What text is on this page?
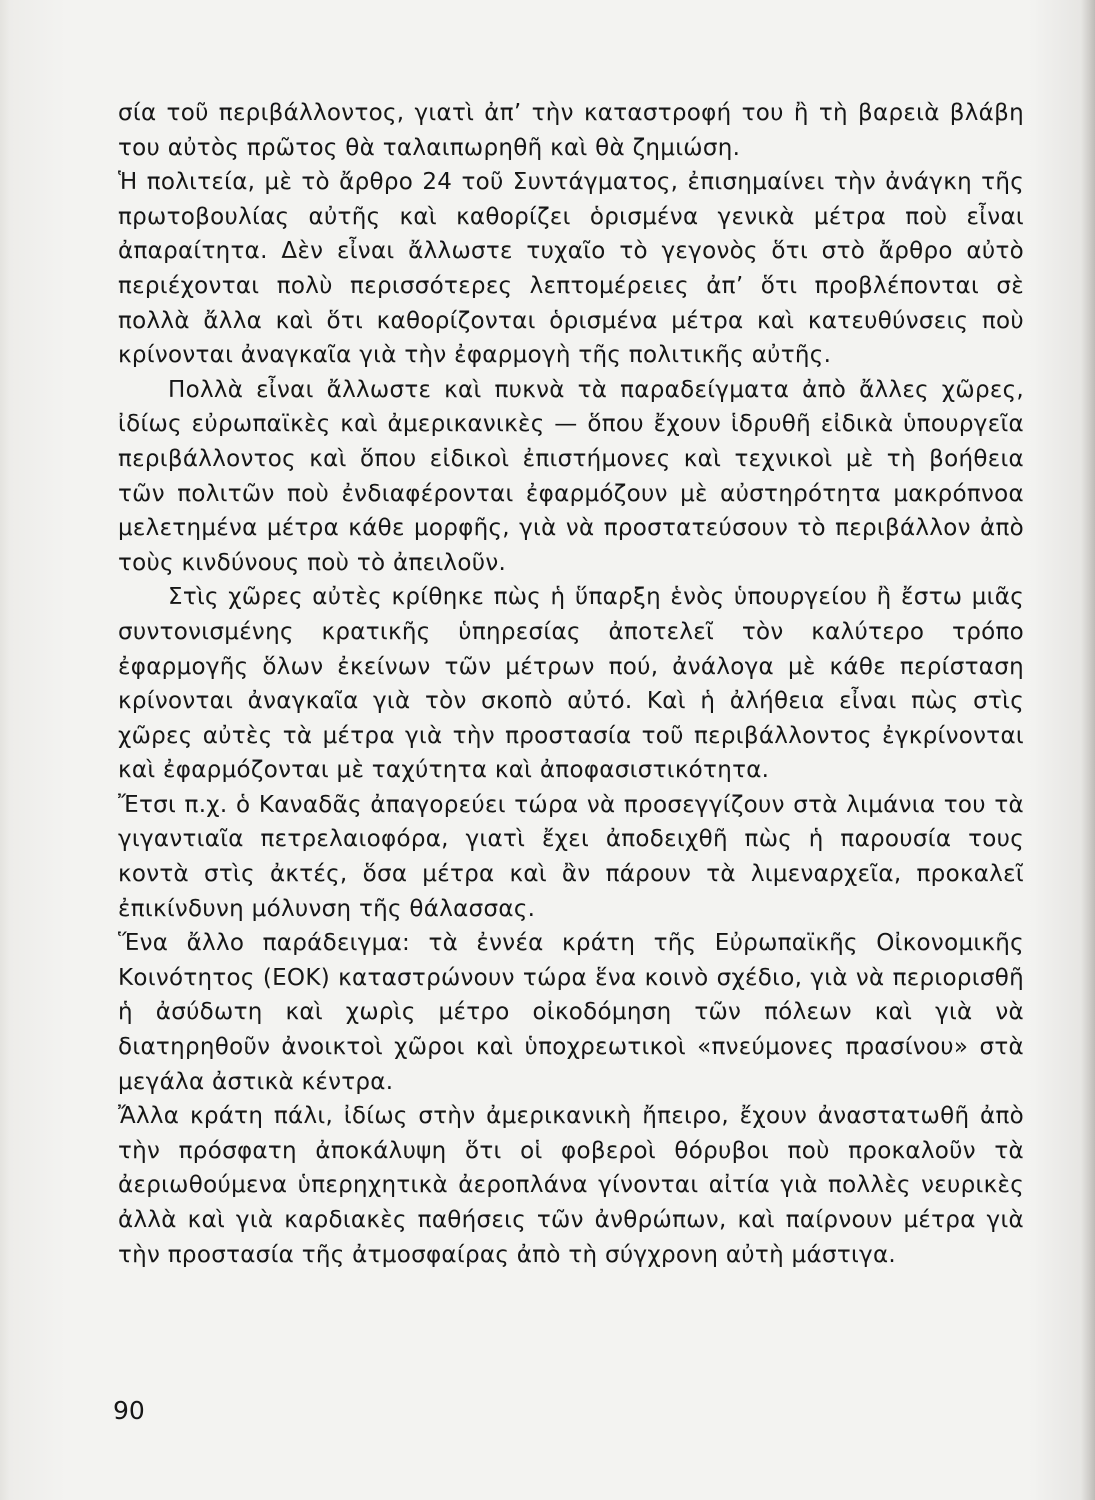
σία τοῦ περιβάλλοντος, γιατὶ ἀπ’ τὴν καταστροφή του ἢ τὴ βαρειὰ βλάβη του αὐτὸς πρῶτος θὰ ταλαιπωρηθῆ καὶ θὰ ζημιώση.

Ἡ πολιτεία, μὲ τὸ ἄρθρο 24 τοῦ Συντάγματος, ἐπισημαίνει τὴν ἀνάγκη τῆς πρωτοβουλίας αὐτῆς καὶ καθορίζει ὁρισμένα γενικὰ μέτρα ποὺ εἶναι ἀπαραίτητα. Δὲν εἶναι ἄλλωστε τυχαῖο τὸ γεγονὸς ὅτι στὸ ἄρθρο αὐτὸ περιέχονται πολὺ περισσότερες λεπτομέρειες ἀπ’ ὅτι προβλέπονται σὲ πολλὰ ἄλλα καὶ ὅτι καθορίζονται ὁρισμένα μέτρα καὶ κατευθύνσεις ποὺ κρίνονται ἀναγκαῖα γιὰ τὴν ἐφαρμογὴ τῆς πολιτικῆς αὐτῆς.

Πολλὰ εἶναι ἄλλωστε καὶ πυκνὰ τὰ παραδείγματα ἀπὸ ἄλλες χῶρες, ἰδίως εὐρωπαϊκὲς καὶ ἀμερικανικὲς — ὅπου ἔχουν ἱδρυθῆ εἰδικὰ ὑπουργεῖα περιβάλλοντος καὶ ὅπου εἰδικοὶ ἐπιστήμονες καὶ τεχνικοὶ μὲ τὴ βοήθεια τῶν πολιτῶν ποὺ ἐνδιαφέρονται ἐφαρμόζουν μὲ αὐστηρότητα μακρόπνοα μελετημένα μέτρα κάθε μορφῆς, γιὰ νὰ προστατεύσουν τὸ περιβάλλον ἀπὸ τοὺς κινδύνους ποὺ τὸ ἀπειλοῦν.

Στὶς χῶρες αὐτὲς κρίθηκε πὼς ἡ ὕπαρξη ἑνὸς ὑπουργείου ἢ ἔστω μιᾶς συντονισμένης κρατικῆς ὑπηρεσίας ἀποτελεῖ τὸν καλύτερο τρόπο ἐφαρμογῆς ὅλων ἐκείνων τῶν μέτρων πού, ἀνάλογα μὲ κάθε περίσταση κρίνονται ἀναγκαῖα γιὰ τὸν σκοπὸ αὐτό. Καὶ ἡ ἀλήθεια εἶναι πὼς στὶς χῶρες αὐτὲς τὰ μέτρα γιὰ τὴν προστασία τοῦ περιβάλλοντος ἐγκρίνονται καὶ ἐφαρμόζονται μὲ ταχύτητα καὶ ἀποφασιστικότητα.

Ἔτσι π.χ. ὁ Καναδᾶς ἀπαγορεύει τώρα νὰ προσεγγίζουν στὰ λιμάνια του τὰ γιγαντιαῖα πετρελαιοφόρα, γιατὶ ἔχει ἀποδειχθῆ πὼς ἡ παρουσία τους κοντὰ στὶς ἀκτές, ὅσα μέτρα καὶ ἂν πάρουν τὰ λιμεναρχεῖα, προκαλεῖ ἐπικίνδυνη μόλυνση τῆς θάλασσας.

Ἕνα ἄλλο παράδειγμα: τὰ ἐννέα κράτη τῆς Εὐρωπαϊκῆς Οἰκονομικῆς Κοινότητος (ΕΟΚ) καταστρώνουν τώρα ἕνα κοινὸ σχέδιο, γιὰ νὰ περιορισθῆ ἡ ἀσύδωτη καὶ χωρὶς μέτρο οἰκοδόμηση τῶν πόλεων καὶ γιὰ νὰ διατηρηθοῦν ἀνοικτοὶ χῶροι καὶ ὑποχρεωτικοὶ «πνεύμονες πρασίνου» στὰ μεγάλα ἀστικὰ κέντρα.

Ἄλλα κράτη πάλι, ἰδίως στὴν ἀμερικανικὴ ἤπειρο, ἔχουν ἀναστατωθῆ ἀπὸ τὴν πρόσφατη ἀποκάλυψη ὅτι οἱ φοβεροὶ θόρυβοι ποὺ προκαλοῦν τὰ ἀεριωθούμενα ὑπερηχητικὰ ἀεροπλάνα γίνονται αἰτία γιὰ πολλὲς νευρικὲς ἀλλὰ καὶ γιὰ καρδιακὲς παθήσεις τῶν ἀνθρώπων, καὶ παίρνουν μέτρα γιὰ τὴν προστασία τῆς ἀτμοσφαίρας ἀπὸ τὴ σύγχρονη αὐτὴ μάστιγα.

90
